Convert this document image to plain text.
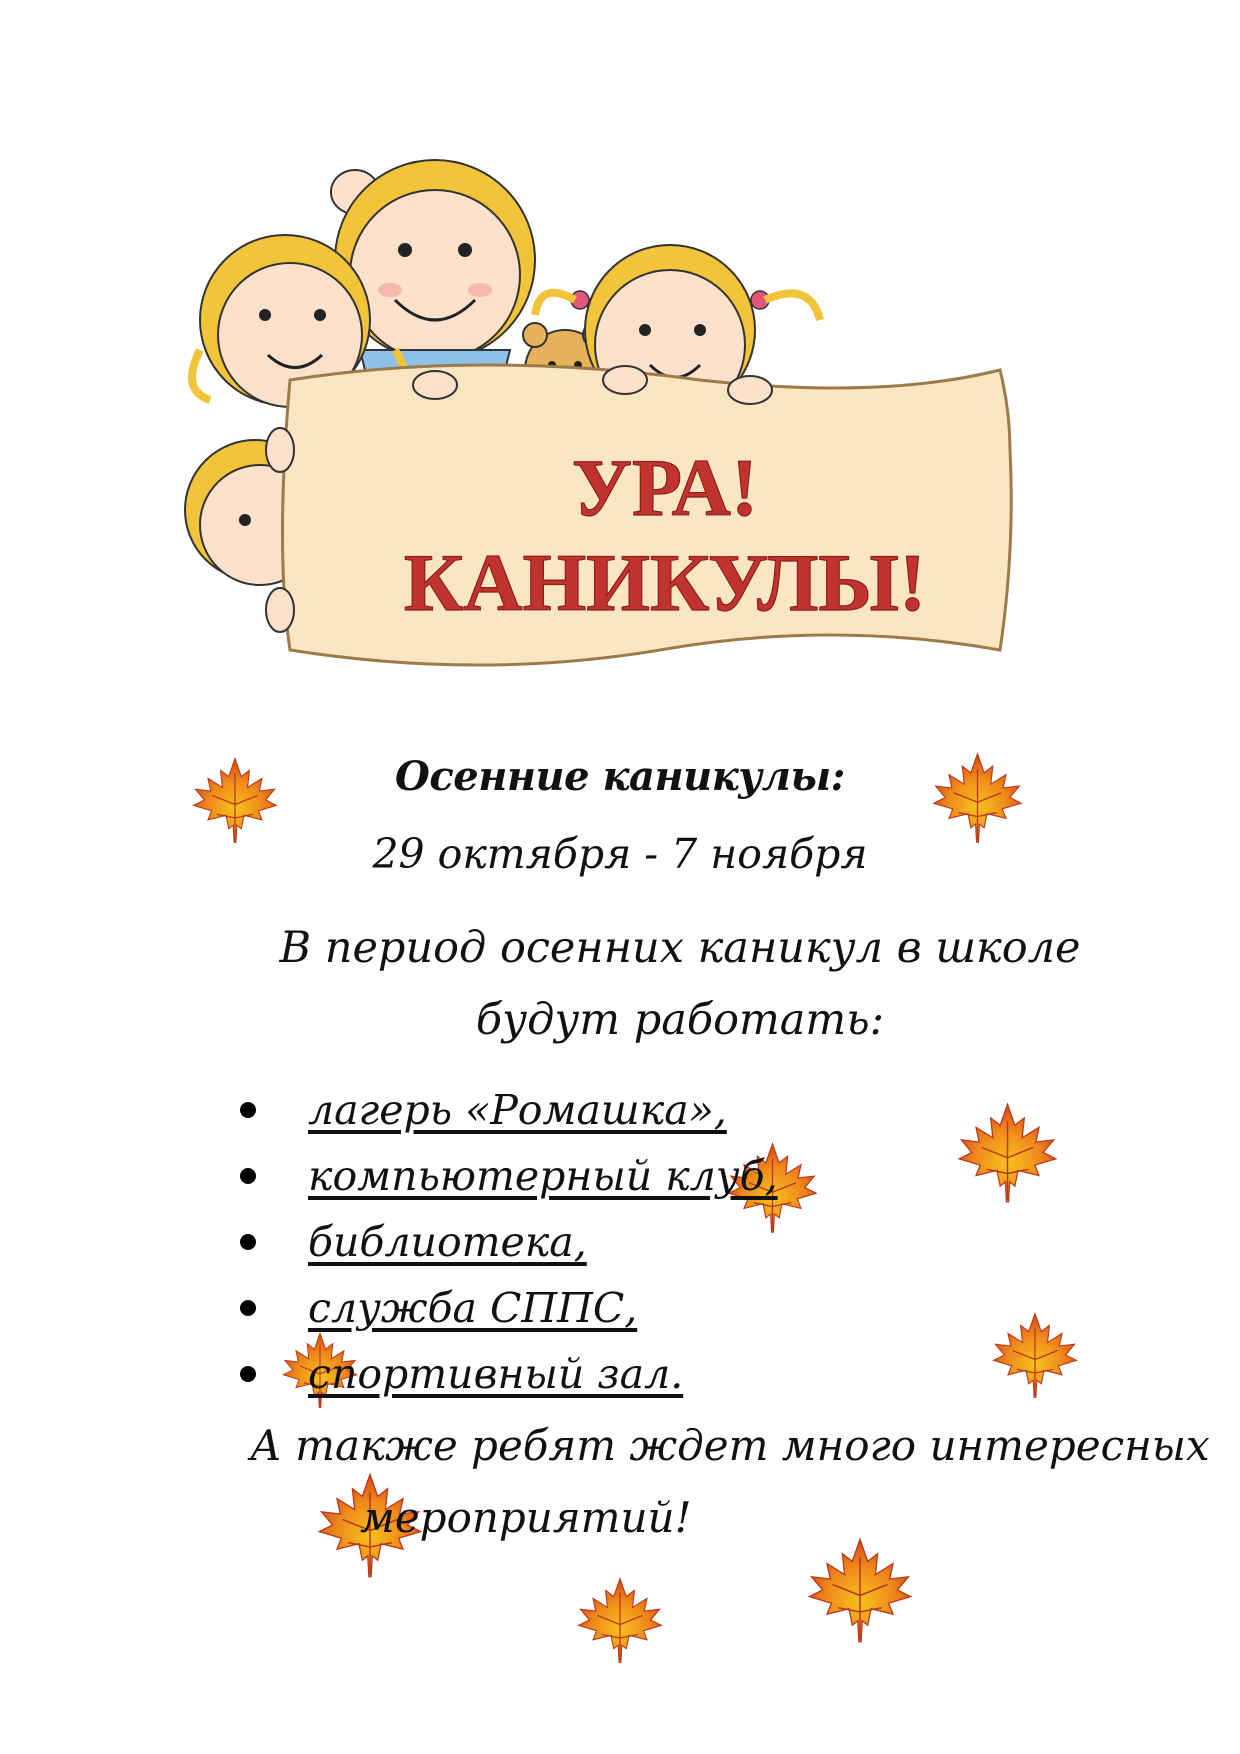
УРА!
КАНИКУЛЫ!
Осенние каникулы:
29 октября - 7 ноября
В период осенних каникул в школе будут работать:
лагерь «Ромашка»,
компьютерный клуб,
библиотека,
служба СППС,
спортивный зал.
А также ребят ждет много интересных
мероприятий!
